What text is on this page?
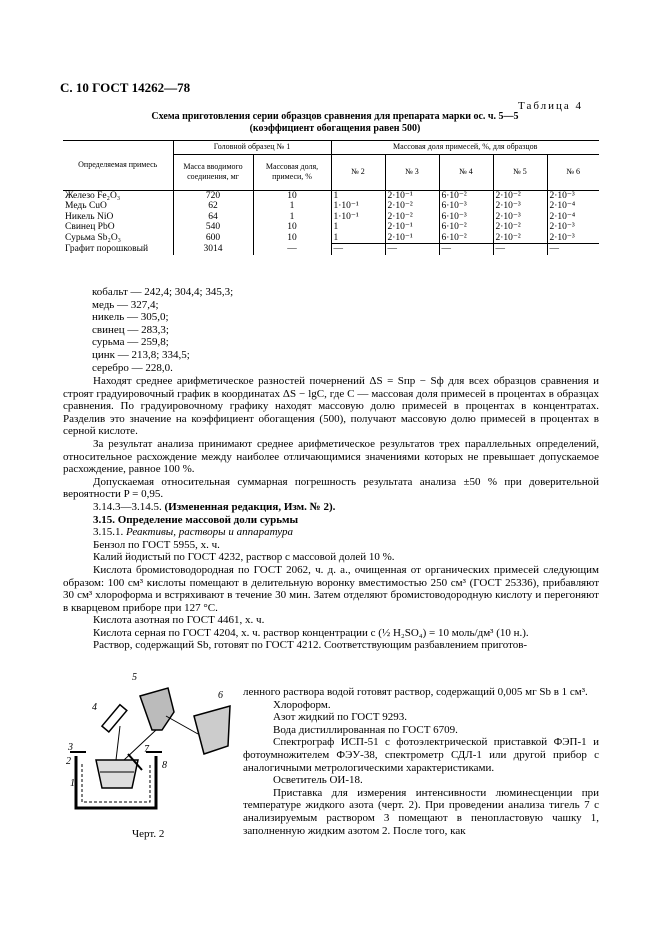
С. 10 ГОСТ 14262—78
Таблица 4
Схема приготовления серии образцов сравнения для препарата марки ос. ч. 5—5
(коэффициент обогащения равен 500)
Определяемая примесь	Головной образец № 1		Массовая доля примесей, %, для образцов				
	Масса вводимого соединения, мг	Массовая доля, примеси, %	№ 2	№ 3	№ 4	№ 5	№ 6
Железо Fe₂O₃	720	10	1	2·10⁻¹	6·10⁻²	2·10⁻²	2·10⁻³
Медь CuO	62	1	1·10⁻¹	2·10⁻²	6·10⁻³	2·10⁻³	2·10⁻⁴
Никель NiO	64	1	1·10⁻¹	2·10⁻²	6·10⁻³	2·10⁻³	2·10⁻⁴
Свинец PbO	540	10	1	2·10⁻¹	6·10⁻²	2·10⁻²	2·10⁻³
Сурьма Sb₂O₃	600	10	1	2·10⁻¹	6·10⁻²	2·10⁻²	2·10⁻³
Графит порошковый	3014	—	—	—	—	—	—
кобальт — 242,4; 304,4; 345,3;
медь — 327,4;
никель — 305,0;
свинец — 283,3;
сурьма — 259,8;
цинк — 213,8; 334,5;
серебро — 228,0.

Находят среднее арифметическое разностей почернений ΔS = Sпр − Sф для всех образцов сравнения и строят градуировочный график в координатах ΔS − lgC, где C — массовая доля примесей в процентах в образцах сравнения. По градуировочному графику находят массовую долю примесей в процентах в концентратах. Разделив это значение на коэффициент обогащения (500), получают массовую долю примесей в процентах в серной кислоте.

За результат анализа принимают среднее арифметическое результатов трех параллельных определений, относительное расхождение между наиболее отличающимися значениями которых не превышает допускаемое расхождение, равное 100 %.

Допускаемая относительная суммарная погрешность результата анализа ±50 % при доверительной вероятности P = 0,95.

3.14.3—3.14.5. (Измененная редакция, Изм. № 2).

3.15. Определение массовой доли сурьмы

3.15.1. Реактивы, растворы и аппаратура

Бензол по ГОСТ 5955, х. ч.

Калий йодистый по ГОСТ 4232, раствор с массовой долей 10 %.

Кислота бромистоводородная по ГОСТ 2062, ч. д. а., очищенная от органических примесей следующим образом: 100 см³ кислоты помещают в делительную воронку вместимостью 250 см³ (ГОСТ 25336), прибавляют 30 см³ хлороформа и встряхивают в течение 30 мин. Затем отделяют бромистоводородную кислоту и перегоняют в кварцевом приборе при 127 °С.

Кислота азотная по ГОСТ 4461, х. ч.

Кислота серная по ГОСТ 4204, х. ч. раствор концентрации с (½ H₂SO₄) = 10 моль/дм³ (10 н.).

Раствор, содержащий Sb, готовят по ГОСТ 4212. Соответствующим разбавлением приготов-

ленного раствора водой готовят раствор, содержащий 0,005 мг Sb в 1 см³.

Хлороформ.

Азот жидкий по ГОСТ 9293.

Вода дистиллированная по ГОСТ 6709.

Спектрограф ИСП-51 с фотоэлектрической приставкой ФЭП-1 и фотоумножителем ФЭУ-38, спектрометр СДЛ-1 или другой прибор с аналогичными метрологическими характеристиками.

Осветитель ОИ-18.

Приставка для измерения интенсивности люминесценции при температуре жидкого азота (черт. 2). При проведении анализа тигель 7 с анализируемым раствором 3 помещают в пенопластовую чашку 1, заполненную жидким азотом 2. После того, как

1
2
3
4
5
6
7
8
Черт. 2
